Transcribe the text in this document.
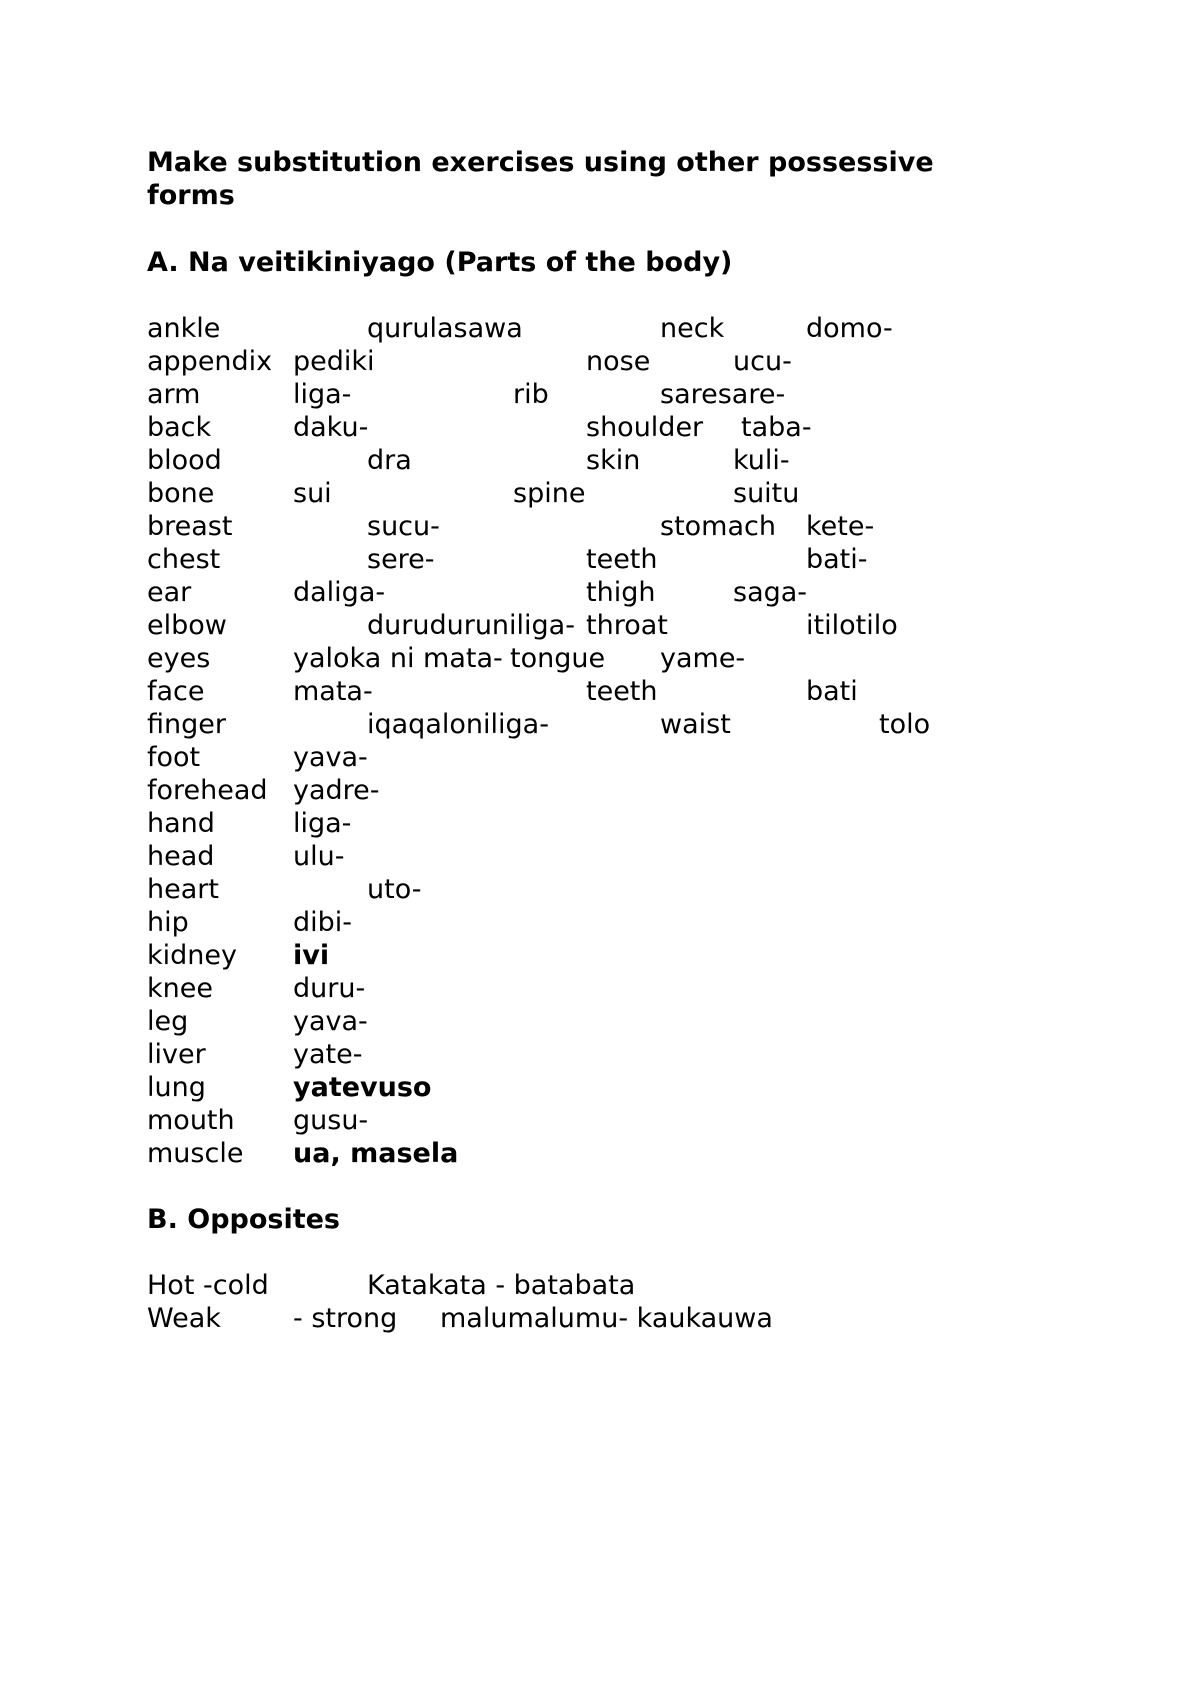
Make substitution exercises using other possessive

forms

A. Na veitikiniyago (Parts of the body)

ankle	qurulasawa	neck	domo-
appendix pediki	nose	ucu-
arm	liga-	rib	saresare-
back	daku-	shoulder taba-
blood	dra	skin	kuli-
bone	sui	spine	suitu
breast	sucu-	stomach kete-
chest	sere-	teeth	bati-
ear	daliga-	thigh	saga-
elbow	duruduruniliga- throat	itilotilo
eyes	yaloka ni mata- tongue yame-
face	mata-	teeth	bati
finger	iqaqaloniliga-	waist	tolo
foot	yava-
forehead yadre-
hand	liga-
head	ulu-
heart	uto-
hip	dibi-
kidney ivi
knee	duru-
leg	yava-
liver	yate-
lung	yatevuso
mouth gusu-
muscle ua, masela

B. Opposites

Hot -cold	Katakata - batabata
Weak	- strong malumalumu- kaukauwa
